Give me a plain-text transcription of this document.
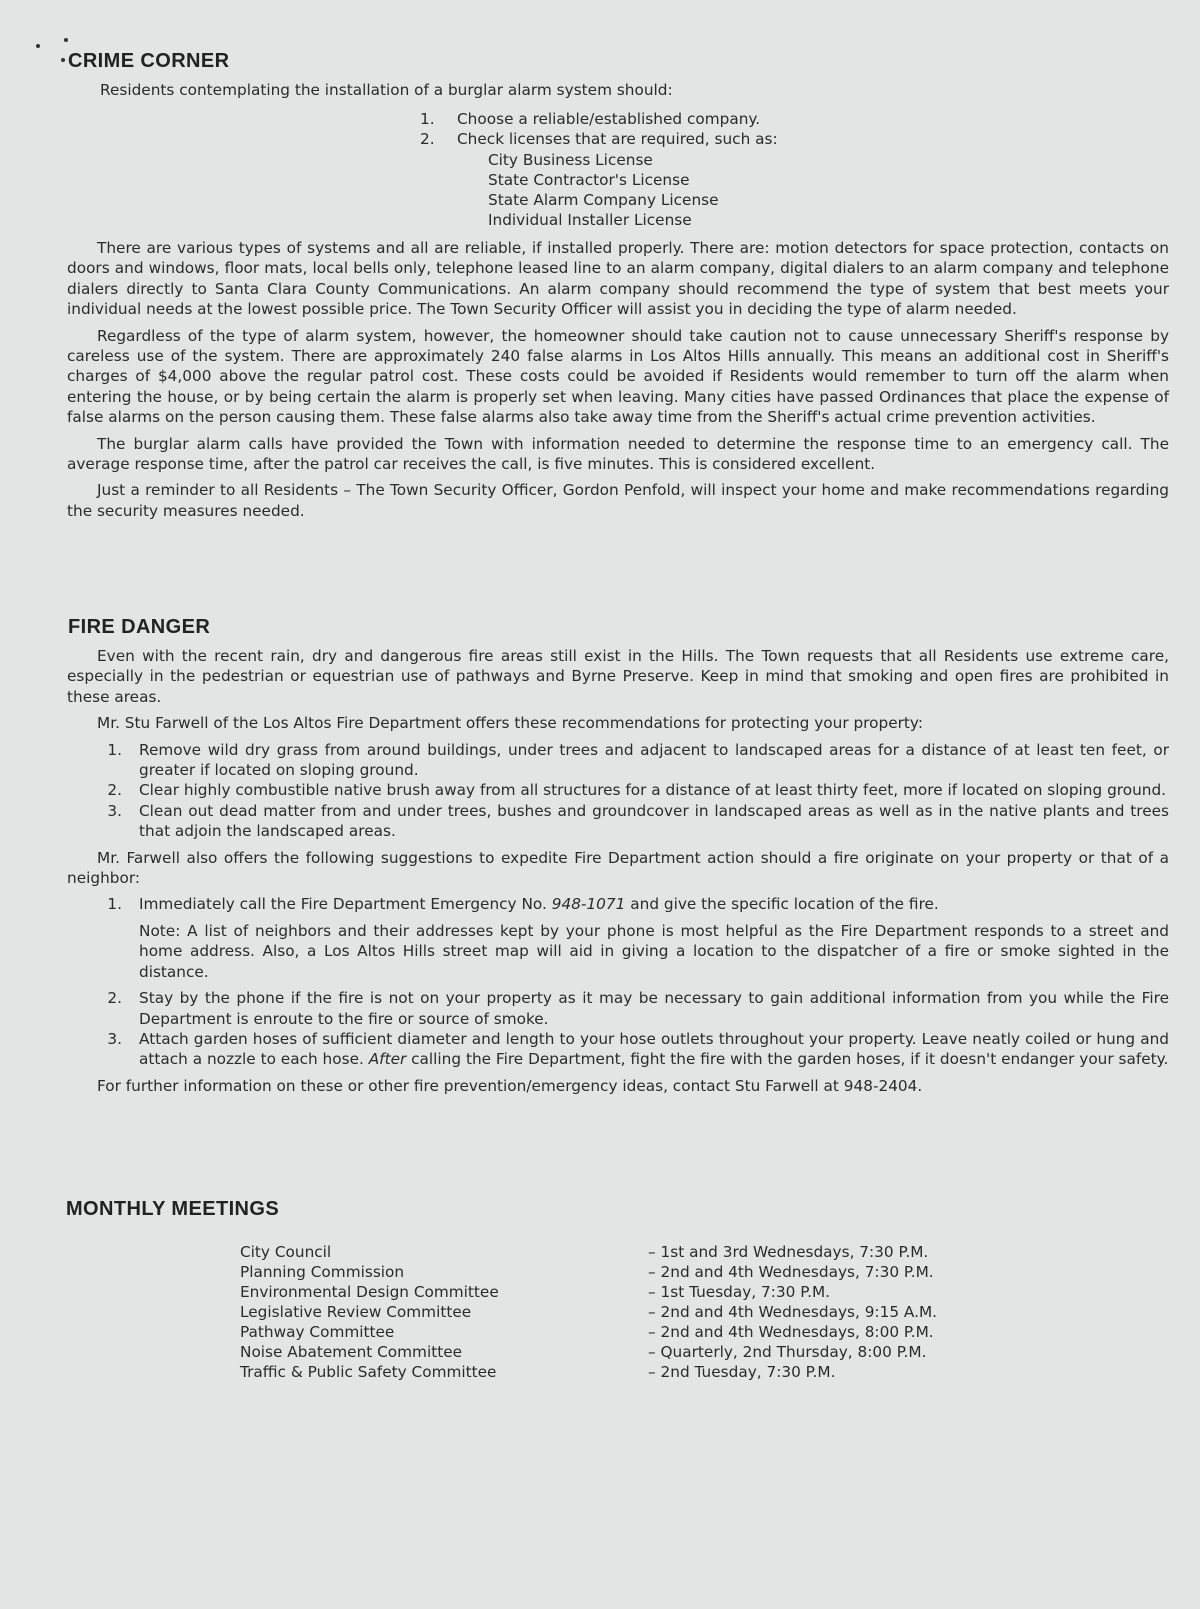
CRIME CORNER

Residents contemplating the installation of a burglar alarm system should:

1. Choose a reliable/established company.
2. Check licenses that are required, such as:
City Business License
State Contractor's License
State Alarm Company License
Individual Installer License

There are various types of systems and all are reliable, if installed properly. There are: motion detectors for space protection, contacts on doors and windows, floor mats, local bells only, telephone leased line to an alarm company, digital dialers to an alarm company and telephone dialers directly to Santa Clara County Communications. An alarm company should recommend the type of system that best meets your individual needs at the lowest possible price. The Town Security Officer will assist you in deciding the type of alarm needed.

Regardless of the type of alarm system, however, the homeowner should take caution not to cause unnecessary Sheriff's response by careless use of the system. There are approximately 240 false alarms in Los Altos Hills annually. This means an additional cost in Sheriff's charges of $4,000 above the regular patrol cost. These costs could be avoided if Residents would remember to turn off the alarm when entering the house, or by being certain the alarm is properly set when leaving. Many cities have passed Ordinances that place the expense of false alarms on the person causing them. These false alarms also take away time from the Sheriff's actual crime prevention activities.

The burglar alarm calls have provided the Town with information needed to determine the response time to an emergency call. The average response time, after the patrol car receives the call, is five minutes. This is considered excellent.

Just a reminder to all Residents – The Town Security Officer, Gordon Penfold, will inspect your home and make recommendations regarding the security measures needed.

FIRE DANGER

Even with the recent rain, dry and dangerous fire areas still exist in the Hills. The Town requests that all Residents use extreme care, especially in the pedestrian or equestrian use of pathways and Byrne Preserve. Keep in mind that smoking and open fires are prohibited in these areas.

Mr. Stu Farwell of the Los Altos Fire Department offers these recommendations for protecting your property:

1.	Remove wild dry grass from around buildings, under trees and adjacent to landscaped areas for a distance of at least ten feet, or greater if located on sloping ground.
2.	Clear highly combustible native brush away from all structures for a distance of at least thirty feet, more if located on sloping ground.
3.	Clean out dead matter from and under trees, bushes and groundcover in landscaped areas as well as in the native plants and trees that adjoin the landscaped areas.

Mr. Farwell also offers the following suggestions to expedite Fire Department action should a fire originate on your property or that of a neighbor:

1.	Immediately call the Fire Department Emergency No. 948-1071 and give the specific location of the fire.

Note: A list of neighbors and their addresses kept by your phone is most helpful as the Fire Department responds to a street and home address. Also, a Los Altos Hills street map will aid in giving a location to the dispatcher of a fire or smoke sighted in the distance.

2.	Stay by the phone if the fire is not on your property as it may be necessary to gain additional information from you while the Fire Department is enroute to the fire or source of smoke.
3.	Attach garden hoses of sufficient diameter and length to your hose outlets throughout your property. Leave neatly coiled or hung and attach a nozzle to each hose. After calling the Fire Department, fight the fire with the garden hoses, if it doesn't endanger your safety.

For further information on these or other fire prevention/emergency ideas, contact Stu Farwell at 948-2404.

MONTHLY MEETINGS
City Council	– 1st and 3rd Wednesdays, 7:30 P.M.
Planning Commission	– 2nd and 4th Wednesdays, 7:30 P.M.
Environmental Design Committee	– 1st Tuesday, 7:30 P.M.
Legislative Review Committee	– 2nd and 4th Wednesdays, 9:15 A.M.
Pathway Committee	– 2nd and 4th Wednesdays, 8:00 P.M.
Noise Abatement Committee	– Quarterly, 2nd Thursday, 8:00 P.M.
Traffic & Public Safety Committee	– 2nd Tuesday, 7:30 P.M.
